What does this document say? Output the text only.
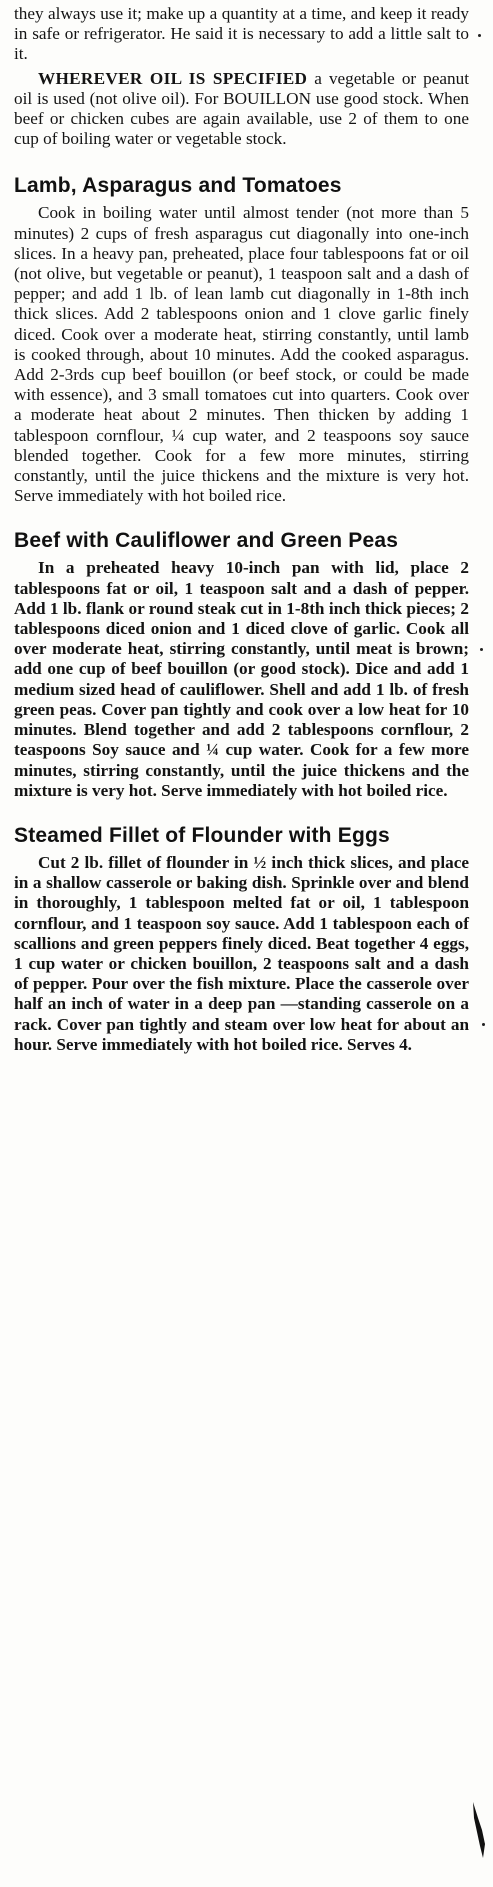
they always use it; make up a quantity at a time, and keep it ready in safe or refrigerator. He said it is necessary to add a little salt to it.

WHEREVER OIL IS SPECIFIED a vegetable or peanut oil is used (not olive oil). For BOUILLON use good stock. When beef or chicken cubes are again available, use 2 of them to one cup of boiling water or vegetable stock.

Lamb, Asparagus and Tomatoes

Cook in boiling water until almost tender (not more than 5 minutes) 2 cups of fresh asparagus cut diagonally into one-inch slices. In a heavy pan, preheated, place four tablespoons fat or oil (not olive, but vegetable or peanut), 1 teaspoon salt and a dash of pepper; and add 1 lb. of lean lamb cut diagonally in 1-8th inch thick slices. Add 2 tablespoons onion and 1 clove garlic finely diced. Cook over a moderate heat, stirring constantly, until lamb is cooked through, about 10 minutes. Add the cooked asparagus. Add 2-3rds cup beef bouillon (or beef stock, or could be made with essence), and 3 small tomatoes cut into quarters. Cook over a moderate heat about 2 minutes. Then thicken by adding 1 tablespoon cornflour, ¼ cup water, and 2 teaspoons soy sauce blended together. Cook for a few more minutes, stirring constantly, until the juice thickens and the mixture is very hot. Serve immediately with hot boiled rice.

Beef with Cauliflower and Green Peas

In a preheated heavy 10-inch pan with lid, place 2 tablespoons fat or oil, 1 teaspoon salt and a dash of pepper. Add 1 lb. flank or round steak cut in 1-8th inch thick pieces; 2 tablespoons diced onion and 1 diced clove of garlic. Cook all over moderate heat, stirring constantly, until meat is brown; add one cup of beef bouillon (or good stock). Dice and add 1 medium sized head of cauliflower. Shell and add 1 lb. of fresh green peas. Cover pan tightly and cook over a low heat for 10 minutes. Blend together and add 2 tablespoons cornflour, 2 teaspoons Soy sauce and ¼ cup water. Cook for a few more minutes, stirring constantly, until the juice thickens and the mixture is very hot. Serve immediately with hot boiled rice.

Steamed Fillet of Flounder with Eggs

Cut 2 lb. fillet of flounder in ½ inch thick slices, and place in a shallow casserole or baking dish. Sprinkle over and blend in thoroughly, 1 tablespoon melted fat or oil, 1 tablespoon cornflour, and 1 teaspoon soy sauce. Add 1 tablespoon each of scallions and green peppers finely diced. Beat together 4 eggs, 1 cup water or chicken bouillon, 2 teaspoons salt and a dash of pepper. Pour over the fish mixture. Place the casserole over half an inch of water in a deep pan —standing casserole on a rack. Cover pan tightly and steam over low heat for about an hour. Serve immediately with hot boiled rice. Serves 4.
